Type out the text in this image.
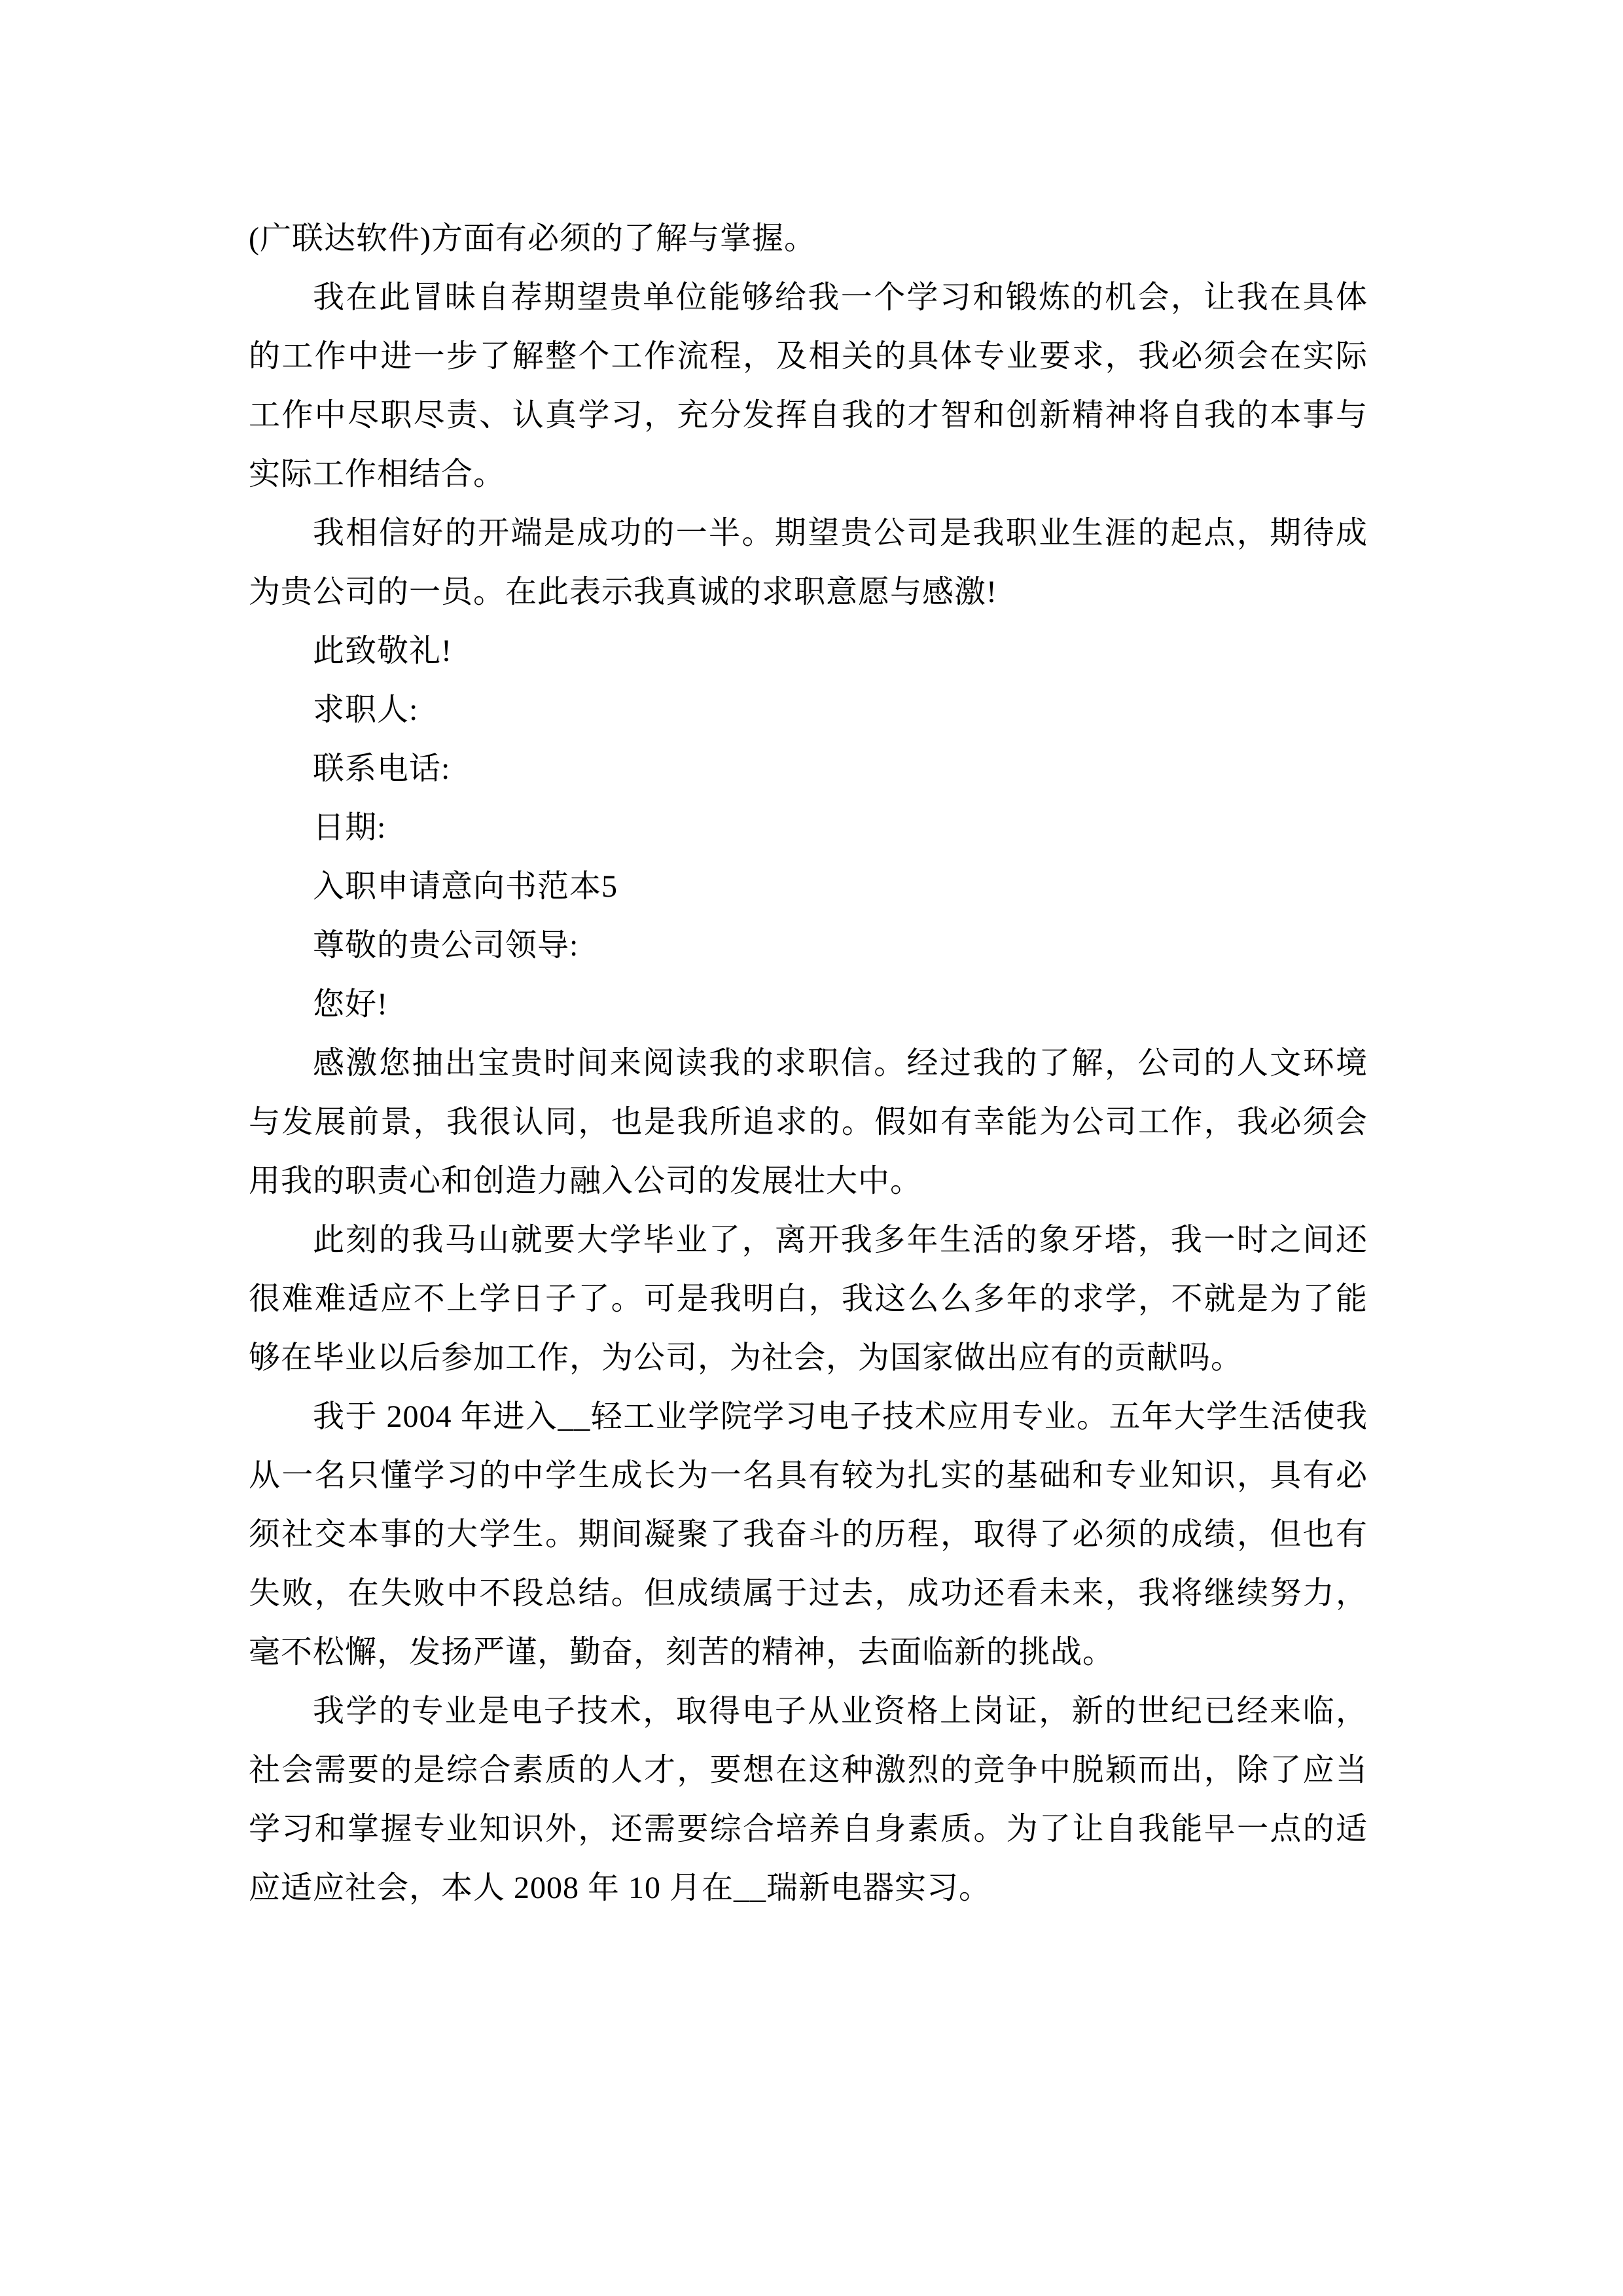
(广联达软件)方面有必须的了解与掌握。

我在此冒昧自荐期望贵单位能够给我一个学习和锻炼的机会，让我在具体的工作中进一步了解整个工作流程，及相关的具体专业要求，我必须会在实际工作中尽职尽责、认真学习，充分发挥自我的才智和创新精神将自我的本事与实际工作相结合。

我相信好的开端是成功的一半。期望贵公司是我职业生涯的起点，期待成为贵公司的一员。在此表示我真诚的求职意愿与感激!

此致敬礼!

求职人:

联系电话:

日期:

入职申请意向书范本5

尊敬的贵公司领导:

您好!

感激您抽出宝贵时间来阅读我的求职信。经过我的了解，公司的人文环境与发展前景，我很认同，也是我所追求的。假如有幸能为公司工作，我必须会用我的职责心和创造力融入公司的发展壮大中。

此刻的我马山就要大学毕业了，离开我多年生活的象牙塔，我一时之间还很难难适应不上学日子了。可是我明白，我这么么多年的求学，不就是为了能够在毕业以后参加工作，为公司，为社会，为国家做出应有的贡献吗。

我于 2004 年进入__轻工业学院学习电子技术应用专业。五年大学生活使我从一名只懂学习的中学生成长为一名具有较为扎实的基础和专业知识，具有必须社交本事的大学生。期间凝聚了我奋斗的历程，取得了必须的成绩，但也有失败，在失败中不段总结。但成绩属于过去，成功还看未来，我将继续努力，毫不松懈，发扬严谨，勤奋，刻苦的精神，去面临新的挑战。

我学的专业是电子技术，取得电子从业资格上岗证，新的世纪已经来临，社会需要的是综合素质的人才，要想在这种激烈的竞争中脱颖而出，除了应当学习和掌握专业知识外，还需要综合培养自身素质。为了让自我能早一点的适应适应社会，本人 2008 年 10 月在__瑞新电器实习。
